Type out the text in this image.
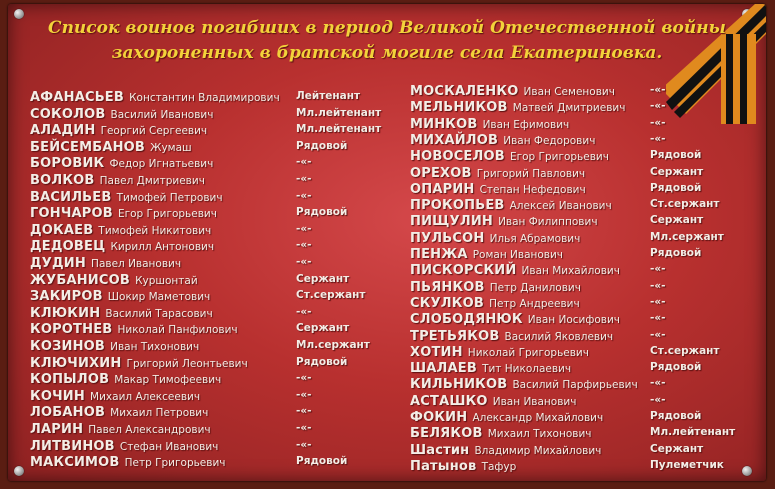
Список воинов погибших в период Великой Отечественной войны
захороненных в братской могиле села Екатериновка.
АФАНАСЬЕВ Константин Владимирович Лейтенант
СОКОЛОВ Василий Иванович	Мл.лейтенант
АЛАДИН Георгий Сергеевич	Мл.лейтенант
БЕЙСЕМБАНОВ Жумаш	Рядовой
БОРОВИК Федор Игнатьевич	-«-
ВОЛКОВ Павел Дмитриевич	-«-
ВАСИЛЬЕВ Тимофей Петрович	-«-
ГОНЧАРОВ Егор Григорьевич	Рядовой
ДОКАЕВ Тимофей Никитович	-«-
ДЕДОВЕЦ Кирилл Антонович	-«-
ДУДИН Павел Иванович	-«-
ЖУБАНИСОВ Куршонтай	Сержант
ЗАКИРОВ Шокир Маметович	Ст.сержант
КЛЮКИН Василий Тарасович	-«-
КОРОТНЕВ Николай Панфилович	Сержант
КОЗИНОВ Иван Тихонович	Мл.сержант
КЛЮЧИХИН Григорий Леонтьевич	Рядовой
КОПЫЛОВ Макар Тимофеевич	-«-
КОЧИН Михаил Алексеевич	-«-
ЛОБАНОВ Михаил Петрович	-«-
ЛАРИН Павел Александрович	-«-
ЛИТВИНОВ Стефан Иванович	-«-
МАКСИМОВ Петр Григорьевич	Рядовой
МОСКАЛЕНКО Иван Семенович	-«-
МЕЛЬНИКОВ Матвей Дмитриевич -«-
МИНКОВ Иван Ефимович	-«-
МИХАЙЛОВ Иван Федорович	-«-
НОВОСЕЛОВ Егор Григорьевич	Рядовой
ОРЕХОВ Григорий Павлович	Сержант
ОПАРИН Степан Нефедович	Рядовой
ПРОКОПЬЕВ Алексей Иванович	Ст.сержант
ПИЩУЛИН Иван Филиппович	Сержант
ПУЛЬСОН Илья Абрамович	Мл.сержант
ПЕНЖА Роман Иванович	Рядовой
ПИСКОРСКИЙ Иван Михайлович	-«-
ПЬЯНКОВ Петр Данилович	-«-
СКУЛКОВ Петр Андреевич	-«-
СЛОБОДЯНЮК Иван Иосифович	-«-
ТРЕТЬЯКОВ Василий Яковлевич	-«-
ХОТИН Николай Григорьевич	Ст.сержант
ШАЛАЕВ Тит Николаевич	Рядовой
КИЛЬНИКОВ Василий Парфирьевич -«-
АСТАШКО Иван Иванович	-«-
ФОКИН Александр Михайлович	Рядовой
БЕЛЯКОВ Михаил Тихонович	Мл.лейтенант
Шастин Владимир Михайлович	Сержант
Патынов Тафур	Пулеметчик
